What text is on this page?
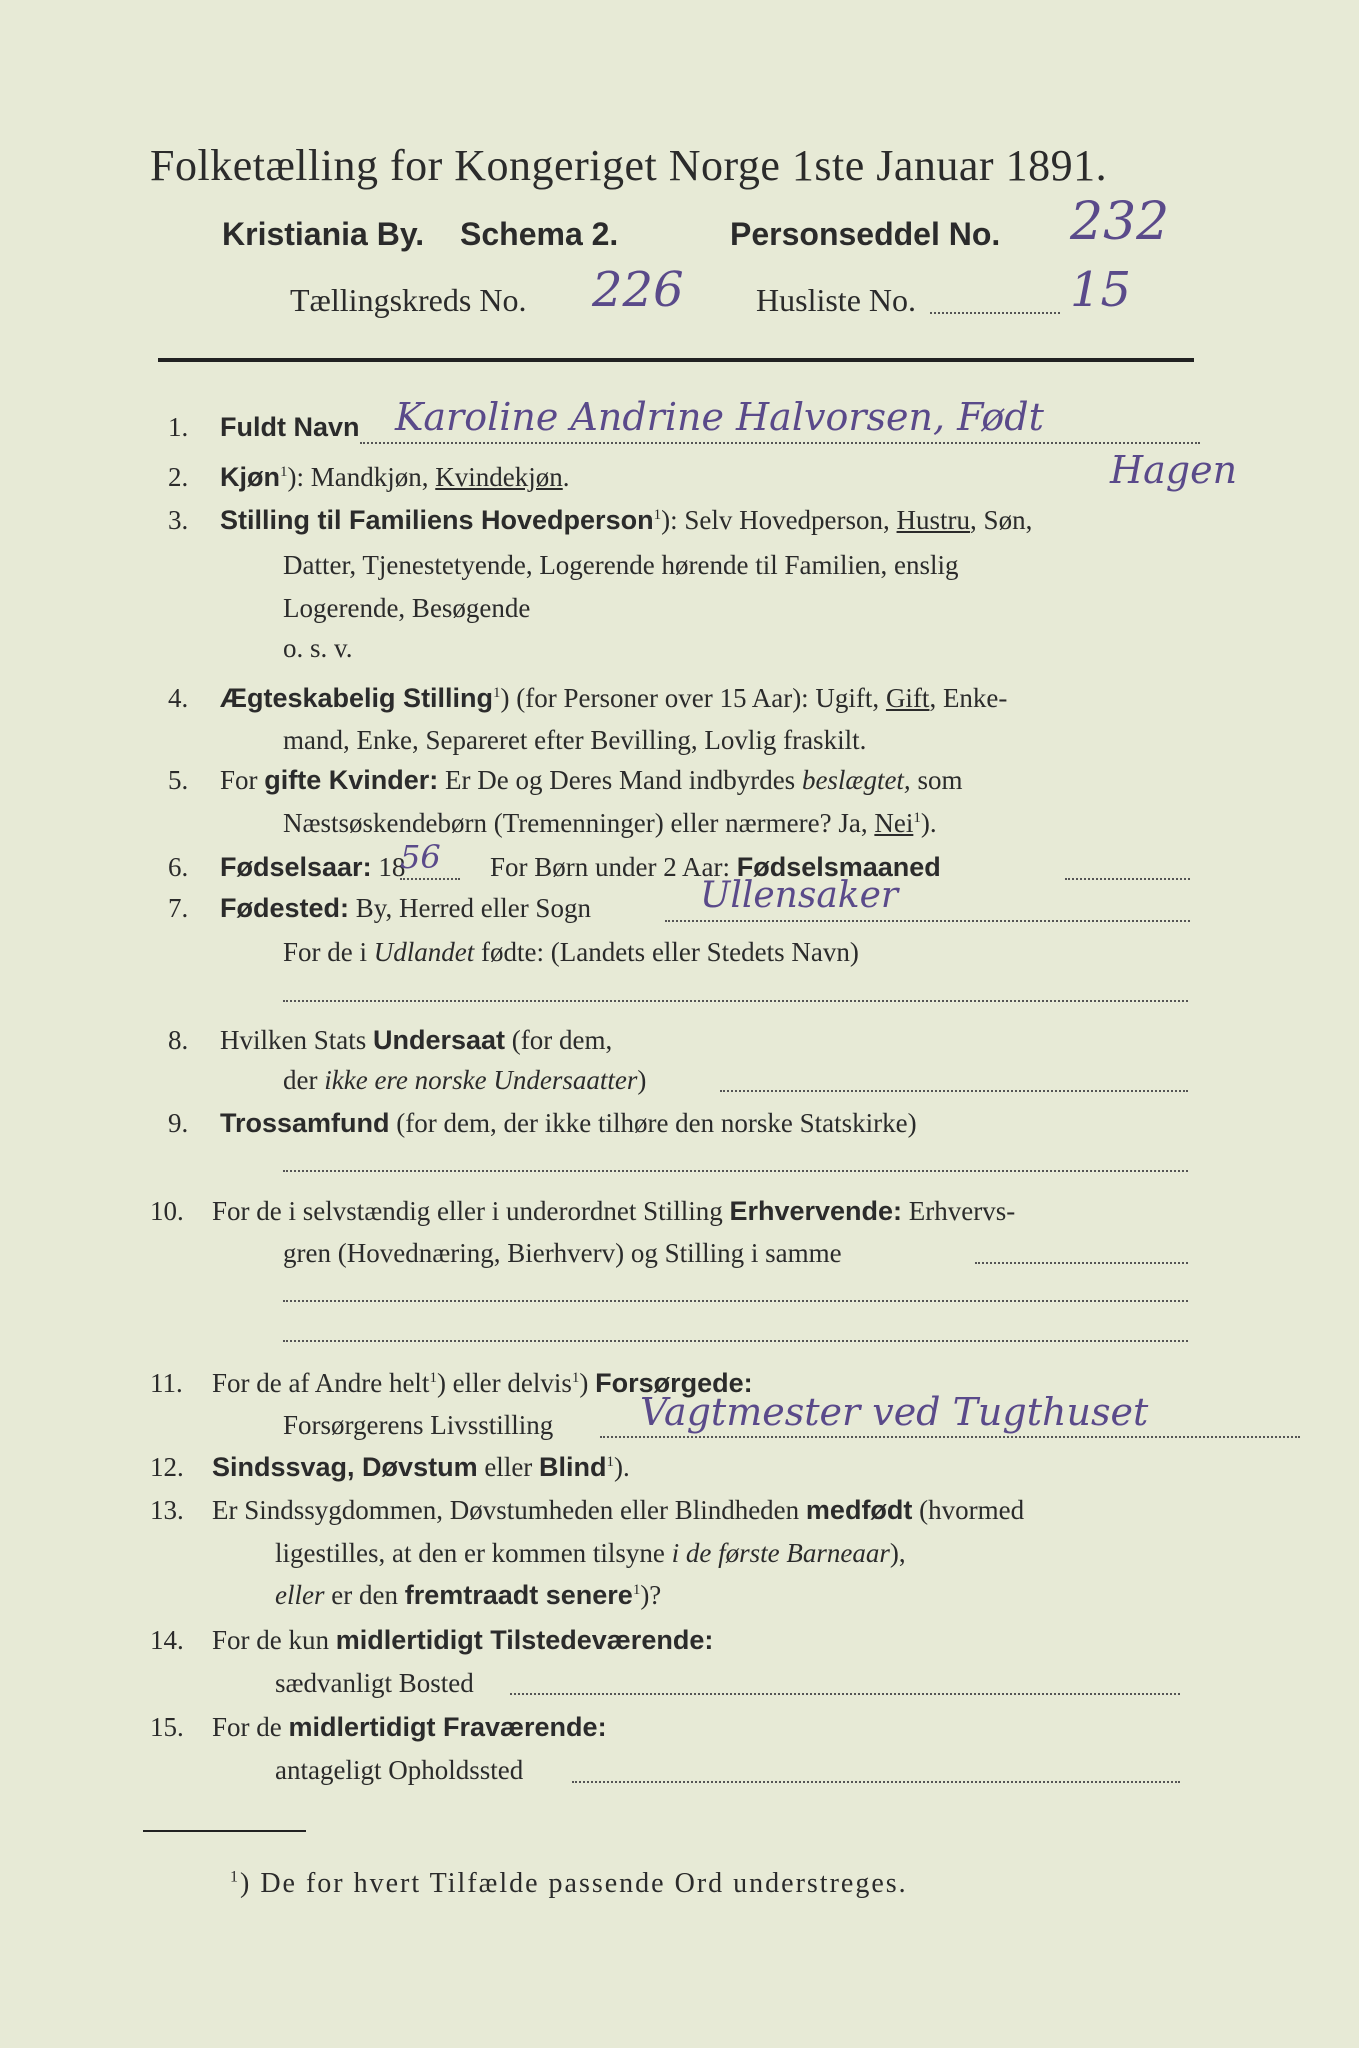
Folketælling for Kongeriget Norge 1ste Januar 1891.
Kristiania By. Schema 2.	Personseddel No. 232
Tællingskreds No. 226 Husliste No.	15
1. Fuldt Navn Karoline Andrine Halvorsen, Født
Hagen
2. Kjøn$^1$): Mandkjøn, Kvindekjøn.
3. Stilling til Familiens Hovedperson$^1$): Selv Hovedperson, Hustru, Søn,
Datter, Tjenestetyende, Logerende hørende til Familien, enslig
Logerende, Besøgende
o. s. v.
4. Ægteskabelig Stilling$^1$) (for Personer over 15 Aar): Ugift, Gift, Enke-
mand, Enke, Separeret efter Bevilling, Lovlig fraskilt.
5. For gifte Kvinder: Er De og Deres Mand indbyrdes beslægtet, som
Næstsøskendebørn (Tremenninger) eller nærmere? Ja, Nei$^1$).
6. Fødselsaar: 18
56 For Børn under 2 Aar: Fødselsmaaned
7. Fødested: By, Herred eller Sogn	Ullensaker
For de i Udlandet fødte: (Landets eller Stedets Navn)
8. Hvilken Stats Undersaat (for dem,
der ikke ere norske Undersaatter)
9. Trossamfund (for dem, der ikke tilhøre den norske Statskirke)
10. For de i selvstændig eller i underordnet Stilling Erhvervende: Erhvervs-
gren (Hovednæring, Bierhverv) og Stilling i samme
11. For de af Andre helt$^1$) eller delvis$^1$) Forsørgede:
Forsørgerens Livsstilling Vagtmester ved Tugthuset
12. Sindssvag, Døvstum eller Blind$^1$).
13. Er Sindssygdommen, Døvstumheden eller Blindheden medfødt (hvormed
ligestilles, at den er kommen tilsyne i de første Barneaar),
eller er den fremtraadt senere$^1$)?
14. For de kun midlertidigt Tilstedeværende:
sædvanligt Bosted
15. For de midlertidigt Fraværende:
antageligt Opholdssted
$^1$) De for hvert Tilfælde passende Ord understreges.
